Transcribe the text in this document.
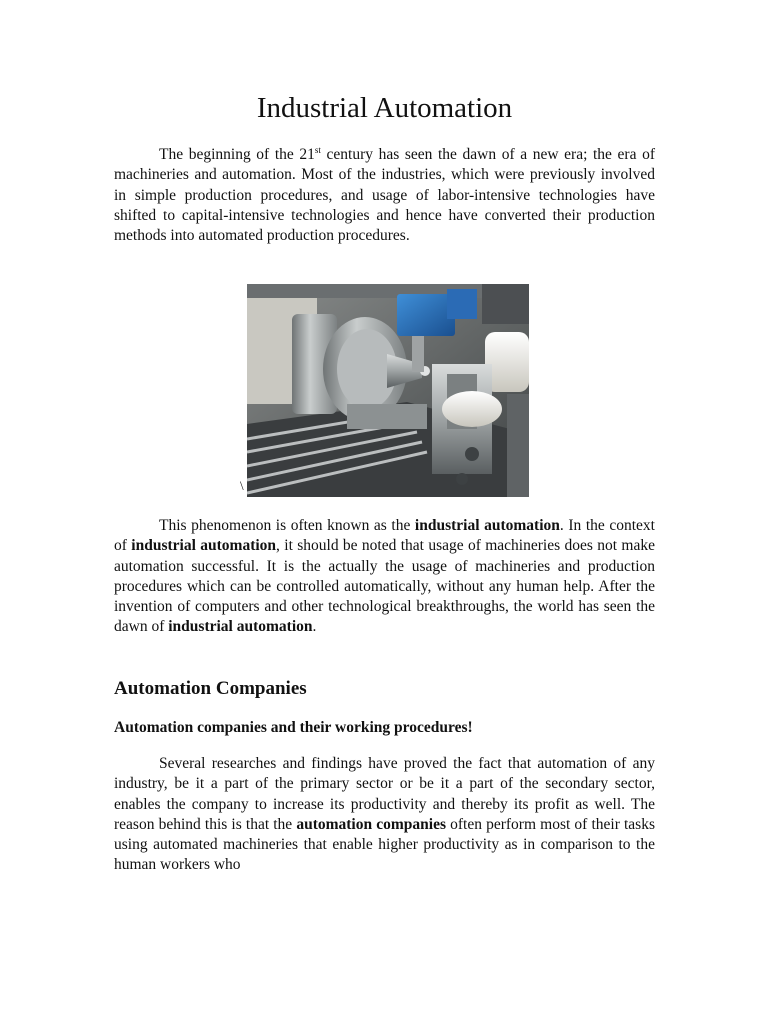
Industrial Automation

The beginning of the 21st century has seen the dawn of a new era; the era of machineries and automation. Most of the industries, which were previously involved in simple production procedures, and usage of labor-intensive technologies have shifted to capital-intensive technologies and hence have converted their production methods into automated production procedures.

This phenomenon is often known as the industrial automation. In the context of industrial automation, it should be noted that usage of machineries does not make automation successful. It is the actually the usage of machineries and production procedures which can be controlled automatically, without any human help. After the invention of computers and other technological breakthroughs, the world has seen the dawn of industrial automation.

Automation Companies
Automation companies and their working procedures!

Several researches and findings have proved the fact that automation of any industry, be it a part of the primary sector or be it a part of the secondary sector, enables the company to increase its productivity and thereby its profit as well. The reason behind this is that the automation companies often perform most of their tasks using automated machineries that enable higher productivity as in comparison to the human workers who

\
